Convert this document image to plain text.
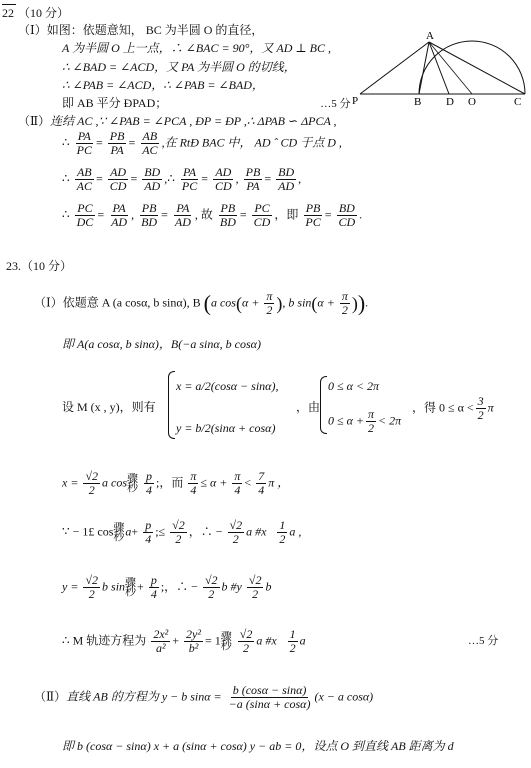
22 （10 分）
（Ⅰ）如图：依题意知， BC 为半圆 O 的直径，
A 为半圆 O 上一点，∴ ∠BAC = 90°，又 AD ⊥ BC ,
∴ ∠BAD = ∠ACD，又 PA 为半圆 O 的切线，
∴ ∠PAB = ∠ACD，∴ ∠PAB = ∠BAD，
即 AB 平分 ÐPAD；	…5 分
A
P	B D O	C
（Ⅱ）连结 AC ,∵ ∠PAB = ∠PCA , ÐP = ÐP ,∴ ΔPAB ∽ ΔPCA ,
∴ $\frac{PA}{PC} = \frac{PB}{PA} = \frac{AB}{AC}$ ,在 RtÐ BAC 中， AD ˆ CD 于点 D ,
∴ $\frac{AB}{AC} = \frac{AD}{CD} = \frac{BD}{AD}$ ,∴ $\frac{PA}{PC} = \frac{AD}{CD}$ , $\frac{PB}{PA} = \frac{BD}{AD}$ ,
∴ $\frac{PC}{DC} = \frac{PA}{AD}$ , $\frac{PB}{BD} = \frac{PA}{AD}$ , 故 $\frac{PB}{BD} = \frac{PC}{CD}$ ，即 $\frac{PB}{PC} = \frac{BD}{CD}$ .
23.（10 分）
（Ⅰ）依题意 A (a cosα, b sinα), B (a $\cos(\alpha + \frac{\pi}{2}$ ), b $\sin(\alpha + \frac{\pi}{2}$ )).
即 A(a cosα, b sinα)，B(−a sinα, b cosα)
设 M (x , y)，则有
x = a/2(cosα − sinα),
y = b/2(sinα + cosα)
，由
0 ≤ α < 2π
$0 \le \alpha + \frac{\pi}{2} < 2\pi$
，得 $0 \le \alpha < \frac{3}{2}$ π
$x = \frac{√2}{2}$ a cos骤秒 $\frac{p}{4}$ ;，而 $\frac{\pi}{4} \le \alpha + \frac{\pi}{4} < \frac{7}{4}$ π ，
∵ − 1£ cos骤秒$a+ \frac{p}{4}$ ;≤ $\frac{√2}{2}$ ，∴ − $\frac{√2}{2}$ a #x $\frac{1}{2}$ a ,
$y = \frac{√2}{2}$ b sin骤秒+ $\frac{p}{4}$ ;，∴ − $\frac{√2}{2}$ b #y $\frac{√2}{2}$ b
∴ M 轨迹方程为 $\frac{\text{2x²}}{\text{a²}} + \frac{\text{2y²}}{\text{b²}} = 1$骤秒 $\frac{√2}{2}$ a #x $\frac{1}{2}$ a	…5 分
（Ⅱ）直线 AB 的方程为 y − b $\sin\alpha = \frac{b (\cos\alpha - \sin\alpha)}{-a (\sin\alpha + \cos\alpha)} (x - a$ cosα)
即 b (cosα − sinα) x + a (sinα + cosα) y − ab = 0，设点 O 到直线 AB 距离为 d
